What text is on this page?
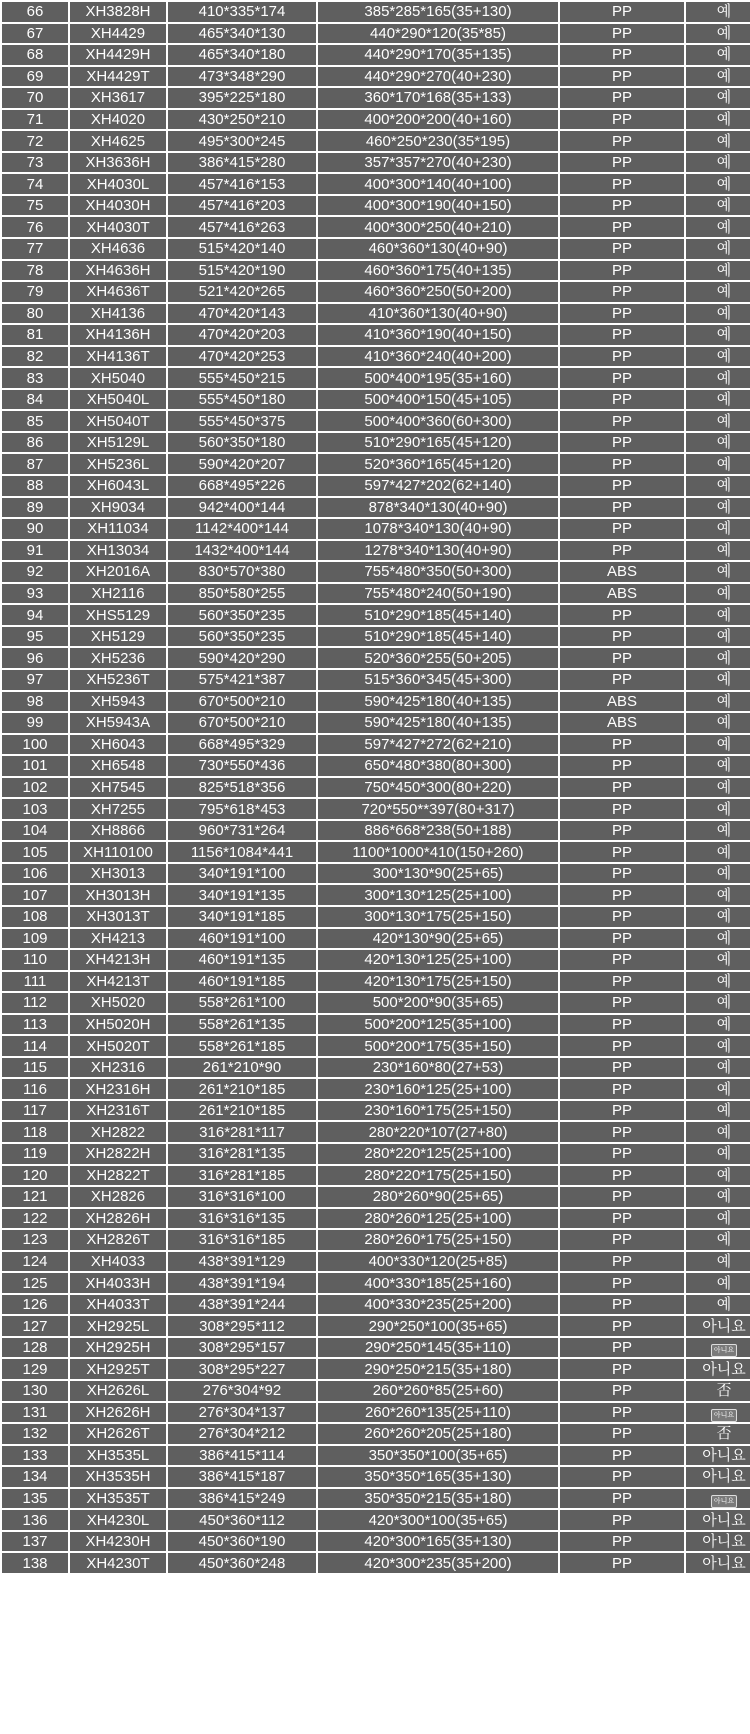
66	XH3828H	410*335*174	385*285*165(35+130)	PP	예
67	XH4429	465*340*130	440*290*120(35*85)	PP	예
68	XH4429H	465*340*180	440*290*170(35+135)	PP	예
69	XH4429T	473*348*290	440*290*270(40+230)	PP	예
70	XH3617	395*225*180	360*170*168(35+133)	PP	예
71	XH4020	430*250*210	400*200*200(40+160)	PP	예
72	XH4625	495*300*245	460*250*230(35*195)	PP	예
73	XH3636H	386*415*280	357*357*270(40+230)	PP	예
74	XH4030L	457*416*153	400*300*140(40+100)	PP	예
75	XH4030H	457*416*203	400*300*190(40+150)	PP	예
76	XH4030T	457*416*263	400*300*250(40+210)	PP	예
77	XH4636	515*420*140	460*360*130(40+90)	PP	예
78	XH4636H	515*420*190	460*360*175(40+135)	PP	예
79	XH4636T	521*420*265	460*360*250(50+200)	PP	예
80	XH4136	470*420*143	410*360*130(40+90)	PP	예
81	XH4136H	470*420*203	410*360*190(40+150)	PP	예
82	XH4136T	470*420*253	410*360*240(40+200)	PP	예
83	XH5040	555*450*215	500*400*195(35+160)	PP	예
84	XH5040L	555*450*180	500*400*150(45+105)	PP	예
85	XH5040T	555*450*375	500*400*360(60+300)	PP	예
86	XH5129L	560*350*180	510*290*165(45+120)	PP	예
87	XH5236L	590*420*207	520*360*165(45+120)	PP	예
88	XH6043L	668*495*226	597*427*202(62+140)	PP	예
89	XH9034	942*400*144	878*340*130(40+90)	PP	예
90	XH11034	1142*400*144	1078*340*130(40+90)	PP	예
91	XH13034	1432*400*144	1278*340*130(40+90)	PP	예
92	XH2016A	830*570*380	755*480*350(50+300)	ABS	예
93	XH2116	850*580*255	755*480*240(50+190)	ABS	예
94	XHS5129	560*350*235	510*290*185(45+140)	PP	예
95	XH5129	560*350*235	510*290*185(45+140)	PP	예
96	XH5236	590*420*290	520*360*255(50+205)	PP	예
97	XH5236T	575*421*387	515*360*345(45+300)	PP	예
98	XH5943	670*500*210	590*425*180(40+135)	ABS	예
99	XH5943A	670*500*210	590*425*180(40+135)	ABS	예
100	XH6043	668*495*329	597*427*272(62+210)	PP	예
101	XH6548	730*550*436	650*480*380(80+300)	PP	예
102	XH7545	825*518*356	750*450*300(80+220)	PP	예
103	XH7255	795*618*453	720*550**397(80+317)	PP	예
104	XH8866	960*731*264	886*668*238(50+188)	PP	예
105	XH110100	1156*1084*441	1100*1000*410(150+260)	PP	예
106	XH3013	340*191*100	300*130*90(25+65)	PP	예
107	XH3013H	340*191*135	300*130*125(25+100)	PP	예
108	XH3013T	340*191*185	300*130*175(25+150)	PP	예
109	XH4213	460*191*100	420*130*90(25+65)	PP	예
110	XH4213H	460*191*135	420*130*125(25+100)	PP	예
111	XH4213T	460*191*185	420*130*175(25+150)	PP	예
112	XH5020	558*261*100	500*200*90(35+65)	PP	예
113	XH5020H	558*261*135	500*200*125(35+100)	PP	예
114	XH5020T	558*261*185	500*200*175(35+150)	PP	예
115	XH2316	261*210*90	230*160*80(27+53)	PP	예
116	XH2316H	261*210*185	230*160*125(25+100)	PP	예
117	XH2316T	261*210*185	230*160*175(25+150)	PP	예
118	XH2822	316*281*117	280*220*107(27+80)	PP	예
119	XH2822H	316*281*135	280*220*125(25+100)	PP	예
120	XH2822T	316*281*185	280*220*175(25+150)	PP	예
121	XH2826	316*316*100	280*260*90(25+65)	PP	예
122	XH2826H	316*316*135	280*260*125(25+100)	PP	예
123	XH2826T	316*316*185	280*260*175(25+150)	PP	예
124	XH4033	438*391*129	400*330*120(25+85)	PP	예
125	XH4033H	438*391*194	400*330*185(25+160)	PP	예
126	XH4033T	438*391*244	400*330*235(25+200)	PP	예
127	XH2925L	308*295*112	290*250*100(35+65)	PP	아니요
128	XH2925H	308*295*157	290*250*145(35+110)	PP	아니요
129	XH2925T	308*295*227	290*250*215(35+180)	PP	아니요
130	XH2626L	276*304*92	260*260*85(25+60)	PP	否
131	XH2626H	276*304*137	260*260*135(25+110)	PP	아니요
132	XH2626T	276*304*212	260*260*205(25+180)	PP	否
133	XH3535L	386*415*114	350*350*100(35+65)	PP	아니요
134	XH3535H	386*415*187	350*350*165(35+130)	PP	아니요
135	XH3535T	386*415*249	350*350*215(35+180)	PP	아니요
136	XH4230L	450*360*112	420*300*100(35+65)	PP	아니요
137	XH4230H	450*360*190	420*300*165(35+130)	PP	아니요
138	XH4230T	450*360*248	420*300*235(35+200)	PP	아니요
